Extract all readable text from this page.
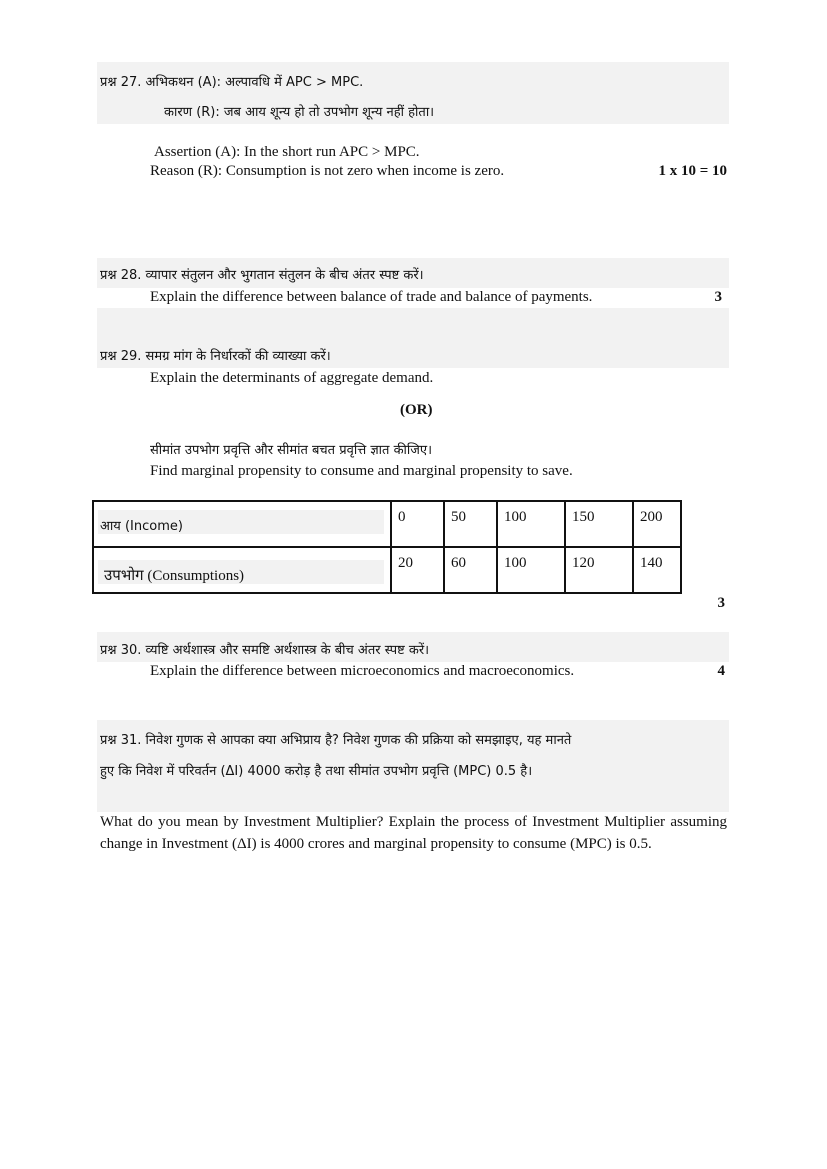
प्रश्न 27. अभिकथन (A): अल्पावधि में APC > MPC.
कारण (R): जब आय शून्य हो तो उपभोग शून्य नहीं होता।
Assertion (A): In the short run APC > MPC.
Reason (R): Consumption is not zero when income is zero.	1 x 10 = 10
प्रश्न 28. व्यापार संतुलन और भुगतान संतुलन के बीच अंतर स्पष्ट करें।
Explain the difference between balance of trade and balance of payments.	3
प्रश्न 29. समग्र मांग के निर्धारकों की व्याख्या करें।
Explain the determinants of aggregate demand.
(OR)
सीमांत उपभोग प्रवृत्ति और सीमांत बचत प्रवृत्ति ज्ञात कीजिए।
Find marginal propensity to consume and marginal propensity to save.
आय (Income)	0	50	100	150	200

उपभोग (Consumptions)	20	60	100	120	140
3
प्रश्न 30. व्यष्टि अर्थशास्त्र और समष्टि अर्थशास्त्र के बीच अंतर स्पष्ट करें।
Explain the difference between microeconomics and macroeconomics.	4
प्रश्न 31. निवेश गुणक से आपका क्या अभिप्राय है? निवेश गुणक की प्रक्रिया को समझाइए, यह मानते
हुए कि निवेश में परिवर्तन (ΔI) 4000 करोड़ है तथा सीमांत उपभोग प्रवृत्ति (MPC) 0.5 है।
What do you mean by Investment Multiplier? Explain the process of Investment Multiplier assuming change in Investment (ΔI) is 4000 crores and marginal propensity to consume (MPC) is 0.5.
